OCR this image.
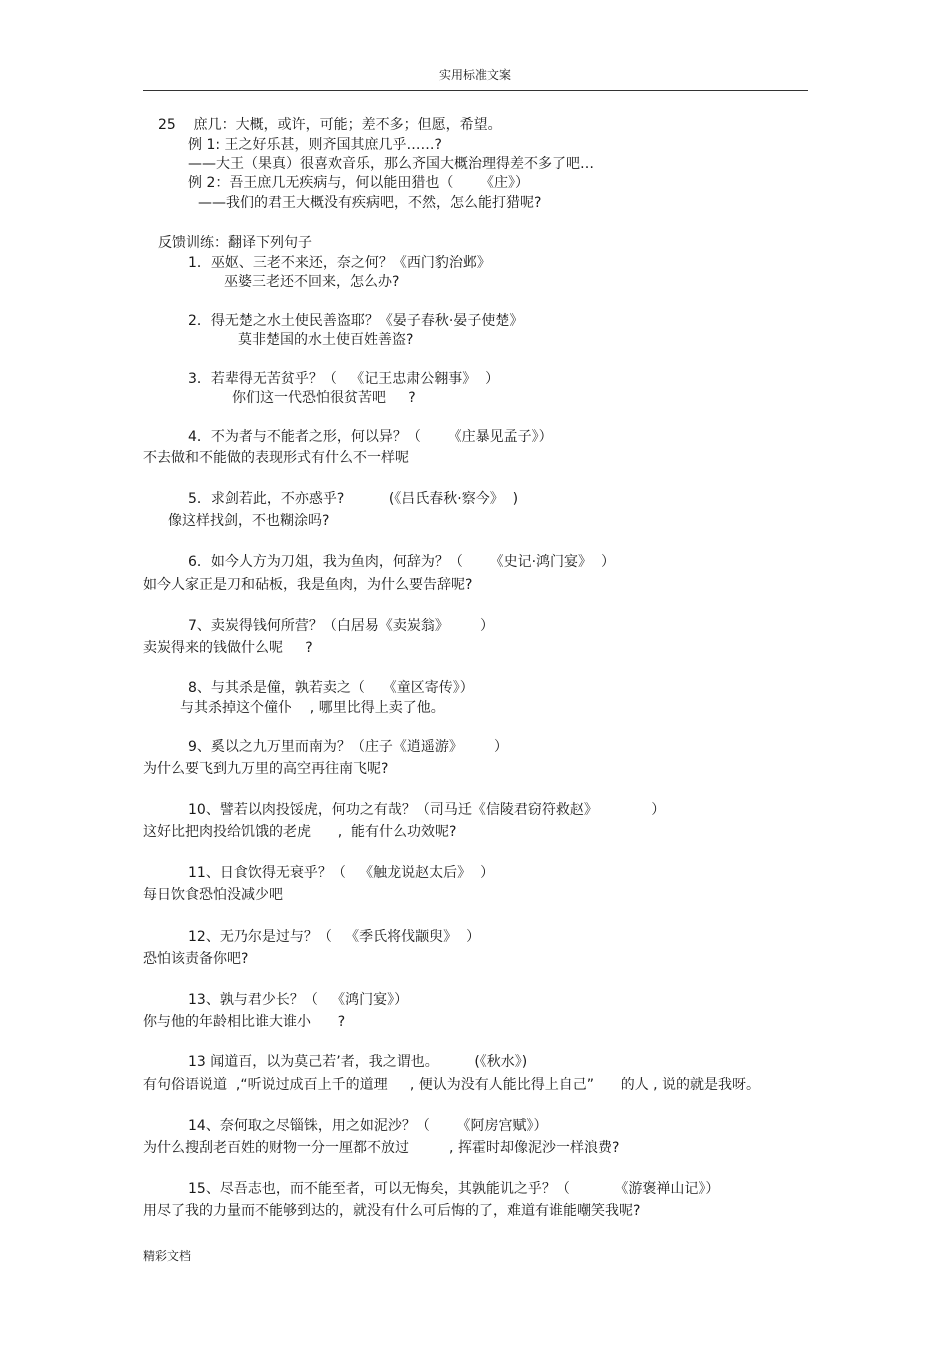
实用标准文案
25    庶几：大概，或许，可能；差不多；但愿，希望。
例 1: 王之好乐甚，则齐国其庶几乎……?
——大王（果真）很喜欢音乐，那么齐国大概治理得差不多了吧…
例 2：吾王庶几无疾病与，何以能田猎也（      《庄》）
——我们的君王大概没有疾病吧，不然，怎么能打猎呢?
反馈训练：翻译下列句子
1．巫妪、三老不来还，奈之何？《西门豹治邺》
巫婆三老还不回来，怎么办?
2．得无楚之水土使民善盗耶？《晏子春秋·晏子使楚》
莫非楚国的水土使百姓善盗?
3．若辈得无苦贫乎？（   《记王忠肃公翱事》  ）
你们这一代恐怕很贫苦吧     ?
4．不为者与不能者之形，何以异？（      《庄暴见孟子》）
不去做和不能做的表现形式有什么不一样呢
5．求剑若此，不亦惑乎?          (《吕氏春秋·察今》  )
像这样找剑，不也糊涂吗?
6．如今人方为刀俎，我为鱼肉，何辞为？（      《史记·鸿门宴》  ）
如今人家正是刀和砧板，我是鱼肉，为什么要告辞呢?
7、卖炭得钱何所营？（白居易《卖炭翁》       ）
卖炭得来的钱做什么呢     ?
8、与其杀是僮，孰若卖之（    《童区寄传》）
与其杀掉这个僮仆    , 哪里比得上卖了他。
9、奚以之九万里而南为？（庄子《逍遥游》       ）
为什么要飞到九万里的高空再往南飞呢?
10、譬若以肉投馁虎，何功之有哉？（司马迁《信陵君窃符救赵》            ）
这好比把肉投给饥饿的老虎      ,  能有什么功效呢?
11、日食饮得无衰乎？（   《触龙说赵太后》  ）
每日饮食恐怕没减少吧
12、无乃尔是过与？（   《季氏将伐颛臾》  ）
恐怕该责备你吧?
13、孰与君少长？（   《鸿门宴》）
你与他的年龄相比谁大谁小      ?
13 闻道百，以为莫己若’者，我之谓也。        (《秋水》)
有句俗语说道  ,“听说过成百上千的道理     , 便认为没有人能比得上自己”      的人 , 说的就是我呀。
14、奈何取之尽锱铢，用之如泥沙？（      《阿房宫赋》）
为什么搜刮老百姓的财物一分一厘都不放过         , 挥霍时却像泥沙一样浪费?
15、尽吾志也，而不能至者，可以无悔矣，其孰能讥之乎？（          《游褒禅山记》）
用尽了我的力量而不能够到达的，就没有什么可后悔的了，难道有谁能嘲笑我呢?
精彩文档
